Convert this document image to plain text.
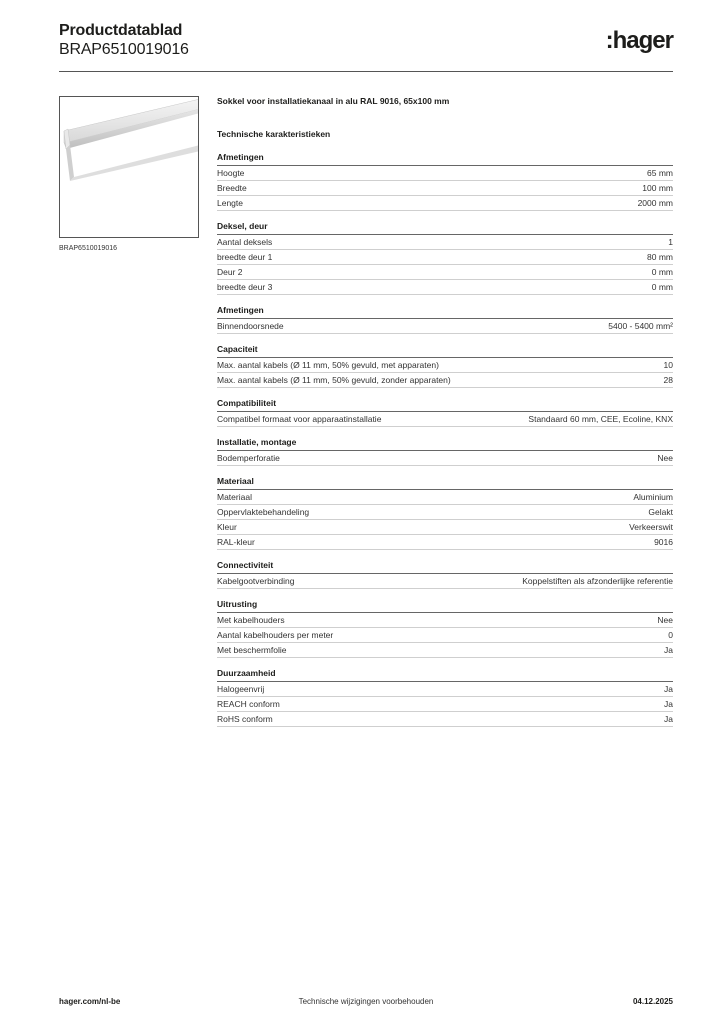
Productdatablad
BRAP6510019016	:hager
BRAP6510019016
Sokkel voor installatiekanaal in alu RAL 9016, 65x100 mm
Technische karakteristieken
Afmetingen
Hoogte	65 mm
Breedte	100 mm
Lengte	2000 mm
Deksel, deur
Aantal deksels	1
breedte deur 1	80 mm
Deur 2	0 mm
breedte deur 3	0 mm
Afmetingen
Binnendoorsnede	5400 - 5400 mm²
Capaciteit
Max. aantal kabels (Ø 11 mm, 50% gevuld, met apparaten)	10
Max. aantal kabels (Ø 11 mm, 50% gevuld, zonder apparaten)	28
Compatibiliteit
Compatibel formaat voor apparaatinstallatie	Standaard 60 mm, CEE, Ecoline, KNX
Installatie, montage
Bodemperforatie	Nee
Materiaal
Materiaal	Aluminium
Oppervlaktebehandeling	Gelakt
Kleur	Verkeerswit
RAL-kleur	9016
Connectiviteit
Kabelgootverbinding	Koppelstiften als afzonderlijke referentie
Uitrusting
Met kabelhouders	Nee
Aantal kabelhouders per meter	0
Met beschermfolie	Ja
Duurzaamheid
Halogeenvrij	Ja
REACH conform	Ja
RoHS conform	Ja
hager.com/nl-be	Technische wijzigingen voorbehouden	04.12.2025
